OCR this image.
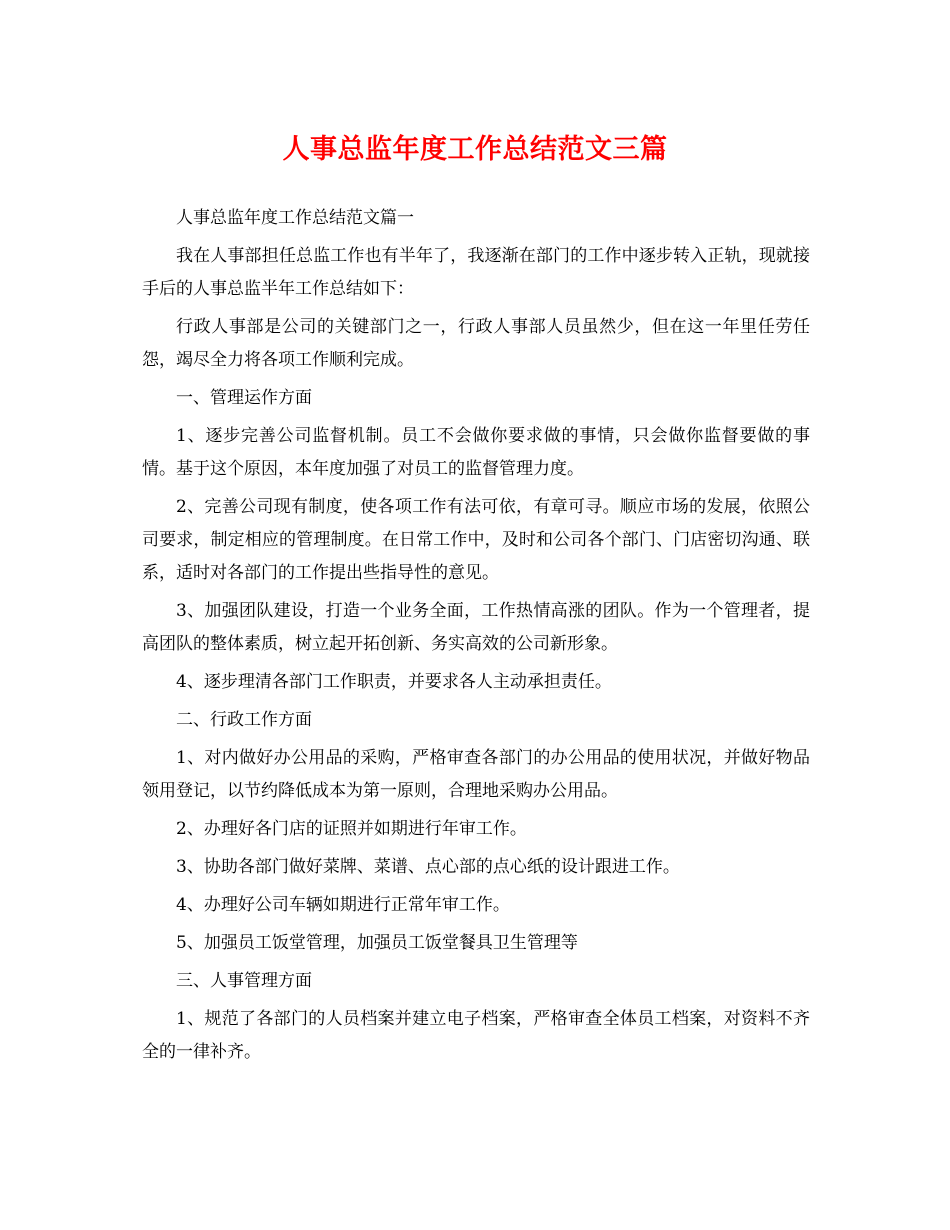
人事总监年度工作总结范文三篇

人事总监年度工作总结范文篇一

我在人事部担任总监工作也有半年了，我逐渐在部门的工作中逐步转入正轨，现就接手后的人事总监半年工作总结如下：

行政人事部是公司的关键部门之一，行政人事部人员虽然少，但在这一年里任劳任怨，竭尽全力将各项工作顺利完成。

一、管理运作方面

1、逐步完善公司监督机制。员工不会做你要求做的事情，只会做你监督要做的事情。基于这个原因，本年度加强了对员工的监督管理力度。

2、完善公司现有制度，使各项工作有法可依，有章可寻。顺应市场的发展，依照公司要求，制定相应的管理制度。在日常工作中，及时和公司各个部门、门店密切沟通、联系，适时对各部门的工作提出些指导性的意见。

3、加强团队建设，打造一个业务全面，工作热情高涨的团队。作为一个管理者，提高团队的整体素质，树立起开拓创新、务实高效的公司新形象。

4、逐步理清各部门工作职责，并要求各人主动承担责任。

二、行政工作方面

1、对内做好办公用品的采购，严格审查各部门的办公用品的使用状况，并做好物品领用登记，以节约降低成本为第一原则，合理地采购办公用品。

2、办理好各门店的证照并如期进行年审工作。

3、协助各部门做好菜牌、菜谱、点心部的点心纸的设计跟进工作。

4、办理好公司车辆如期进行正常年审工作。

5、加强员工饭堂管理，加强员工饭堂餐具卫生管理等

三、人事管理方面

1、规范了各部门的人员档案并建立电子档案，严格审查全体员工档案，对资料不齐全的一律补齐。
